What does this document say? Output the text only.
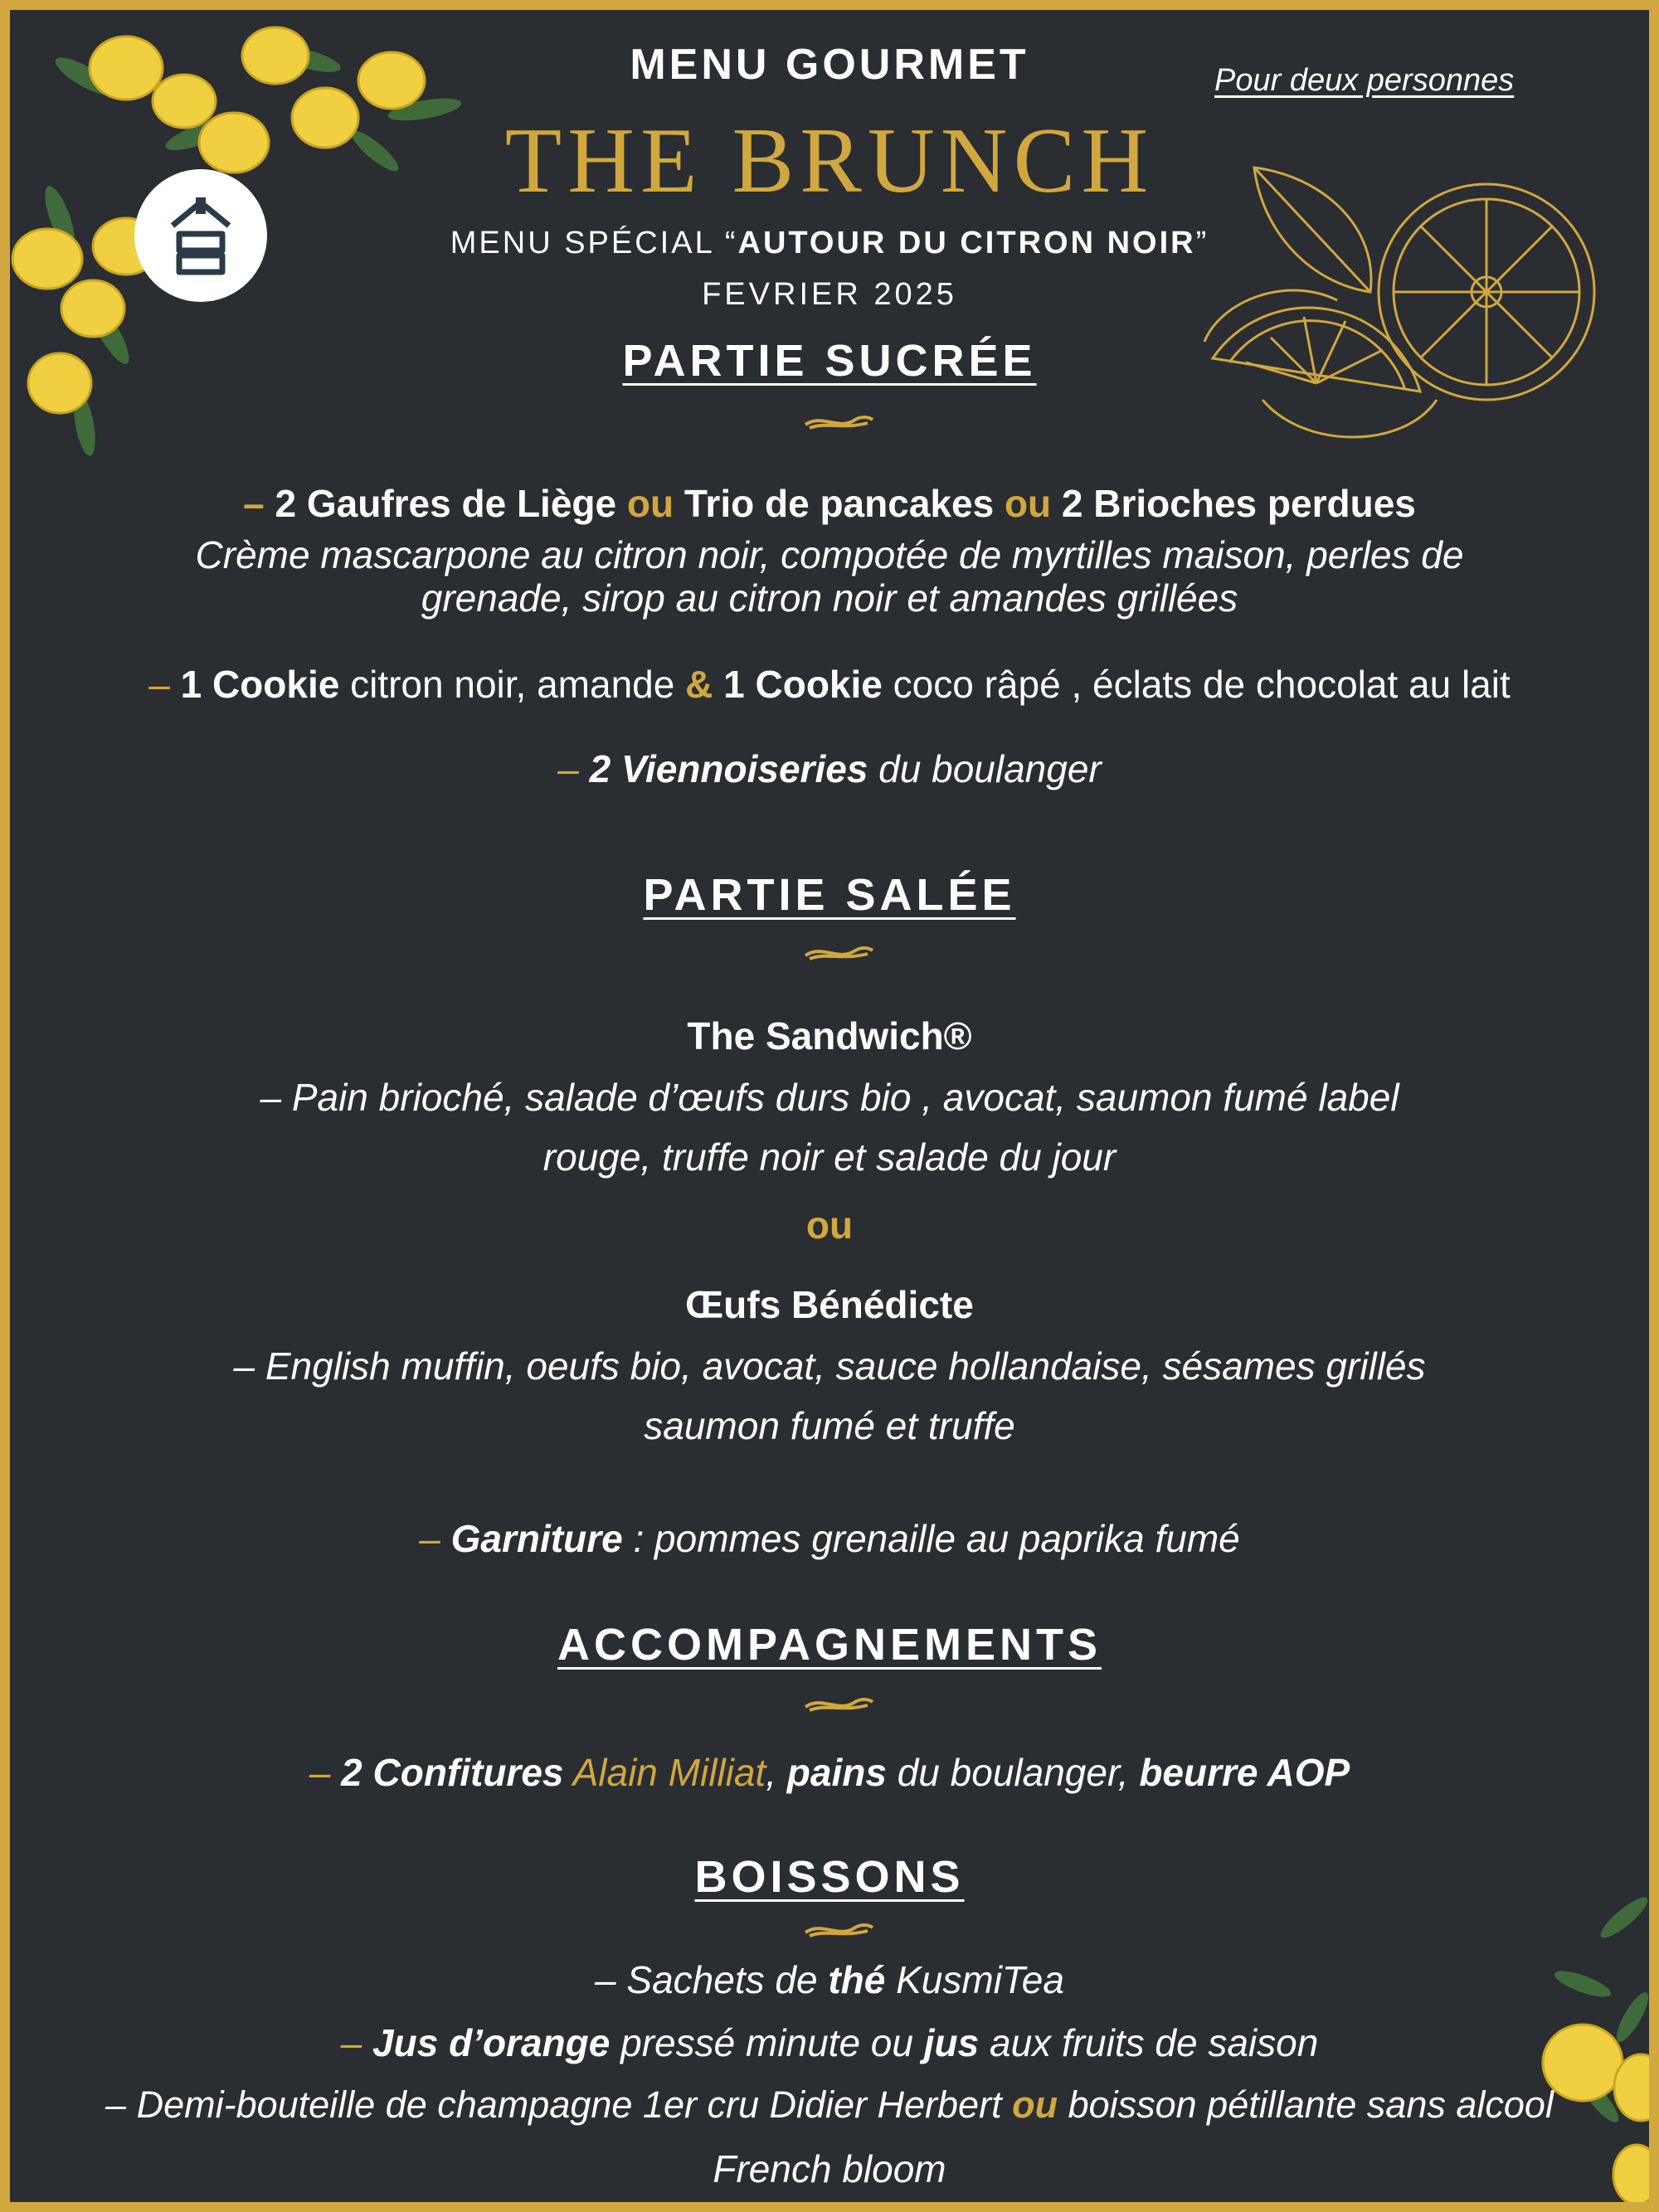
MENU GOURMET	Pour deux personnes
THE BRUNCH
MENU SPÉCIAL “AUTOUR DU CITRON NOIR”
FEVRIER 2025
PARTIE SUCRÉE
– 2 Gaufres de Liège ou Trio de pancakes ou 2 Brioches perdues
Crème mascarpone au citron noir, compotée de myrtilles maison, perles de
grenade, sirop au citron noir et amandes grillées
– 1 Cookie citron noir, amande & 1 Cookie coco râpé , éclats de chocolat au lait
– 2 Viennoiseries du boulanger
PARTIE SALÉE
The Sandwich®
– Pain brioché, salade d’œufs durs bio , avocat, saumon fumé label
rouge, truffe noir et salade du jour
ou
Œufs Bénédicte
– English muffin, oeufs bio, avocat, sauce hollandaise, sésames grillés
saumon fumé et truffe
– Garniture : pommes grenaille au paprika fumé
ACCOMPAGNEMENTS
– 2 Confitures Alain Milliat, pains du boulanger, beurre AOP
BOISSONS
– Sachets de thé KusmiTea
– Jus d’orange pressé minute ou jus aux fruits de saison
– Demi-bouteille de champagne 1er cru Didier Herbert ou boisson pétillante sans alcool
French bloom
